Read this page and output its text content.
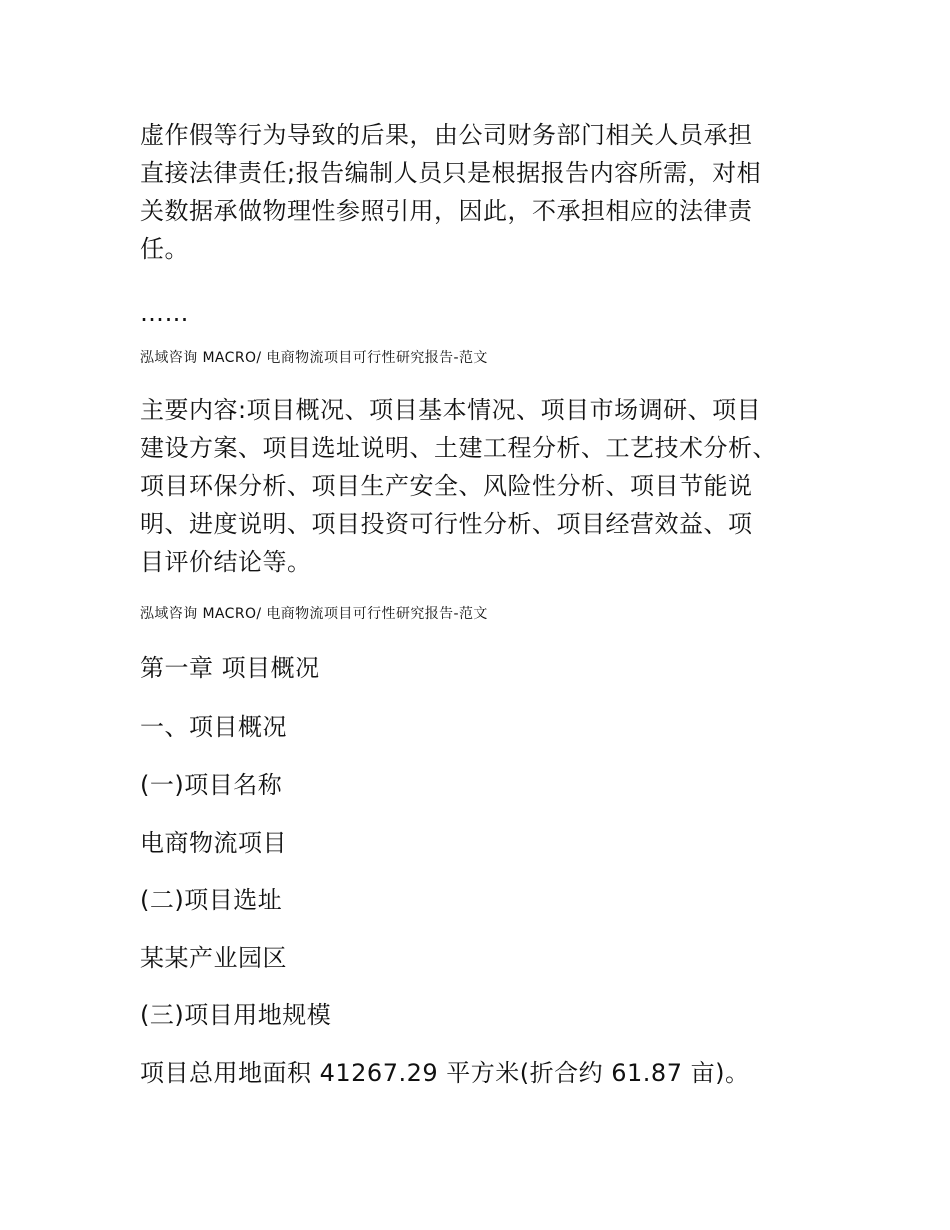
虚作假等行为导致的后果，由公司财务部门相关人员承担
直接法律责任;报告编制人员只是根据报告内容所需，对相
关数据承做物理性参照引用，因此，不承担相应的法律责
任。
……
泓域咨询 MACRO/ 电商物流项目可行性研究报告-范文
主要内容:项目概况、项目基本情况、项目市场调研、项目
建设方案、项目选址说明、土建工程分析、工艺技术分析、
项目环保分析、项目生产安全、风险性分析、项目节能说
明、进度说明、项目投资可行性分析、项目经营效益、项
目评价结论等。
泓域咨询 MACRO/ 电商物流项目可行性研究报告-范文
第一章 项目概况
一、项目概况
(一)项目名称
电商物流项目
(二)项目选址
某某产业园区
(三)项目用地规模
项目总用地面积 41267.29 平方米(折合约 61.87 亩)。
